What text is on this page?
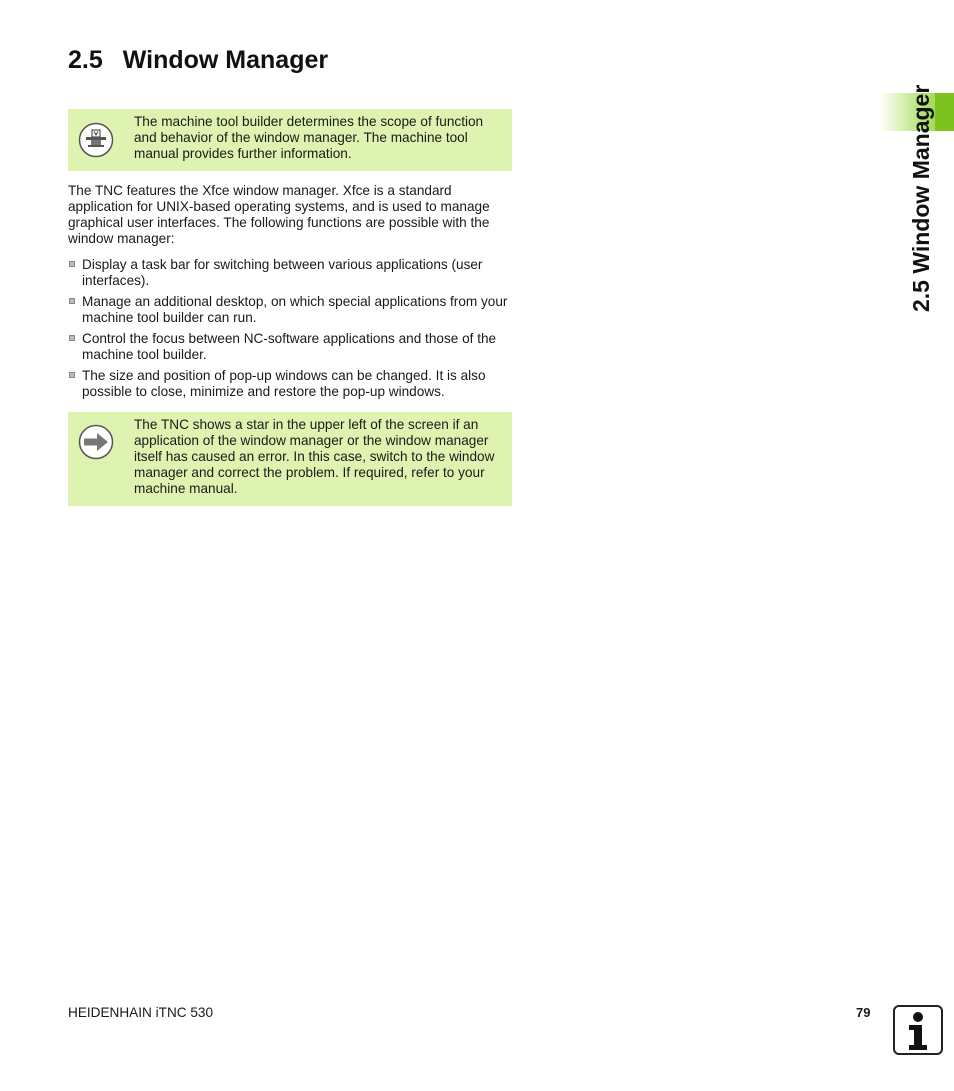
2.5 Window Manager
2.5 Window Manager
The machine tool builder determines the scope of function and behavior of the window manager. The machine tool manual provides further information.

The TNC features the Xfce window manager. Xfce is a standard application for UNIX-based operating systems, and is used to manage graphical user interfaces. The following functions are possible with the window manager:

Display a task bar for switching between various applications (user interfaces).
Manage an additional desktop, on which special applications from your machine tool builder can run.
Control the focus between NC-software applications and those of the machine tool builder.
The size and position of pop-up windows can be changed. It is also possible to close, minimize and restore the pop-up windows.
The TNC shows a star in the upper left of the screen if an application of the window manager or the window manager itself has caused an error. In this case, switch to the window manager and correct the problem. If required, refer to your machine manual.
HEIDENHAIN iTNC 530	79
